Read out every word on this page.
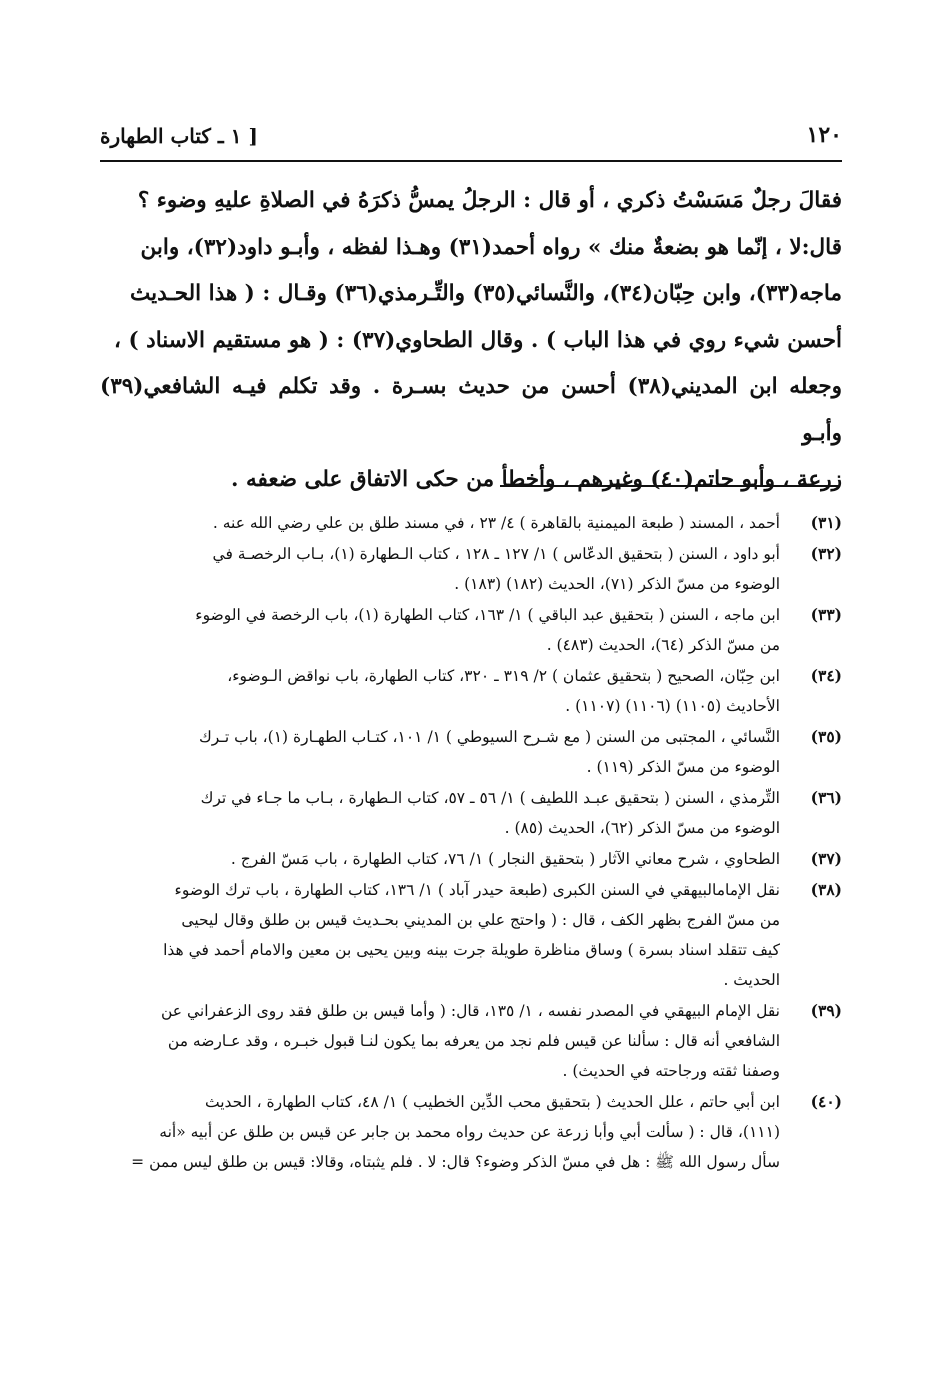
١٢٠
[ ١ ـ كتاب الطهارة

فقالَ رجلٌ مَسَسْتُ ذكري ، أو قال : الرجلُ يمسُّ ذكرَهُ في الصلاةِ عليهِ وضوء ؟

قال:لا ، إنّما هو بضعةٌ منك » رواه أحمد(٣١) وهـذا لفظه ، وأبـو داود(٣٢)، وابن

ماجه(٣٣)، وابن حِبّان(٣٤)، والنَّسائي(٣٥) والتِّـرمذي(٣٦) وقـال : ( هذا الحـديث

أحسن شيء روي في هذا الباب ) . وقال الطحاوي(٣٧) : ( هو مستقيم الاسناد ) ،

وجعله ابن المديني(٣٨) أحسن من حديث بسـرة . وقد تكلم فيـه الشافعي(٣٩) وأبـو

زرعة ، وأبو حاتم(٤٠) وغيرهم ، وأخطأ من حكى الاتفاق على ضعفه .

(٣١)
أحمد ، المسند ( طبعة الميمنية بالقاهرة ) ٤/ ٢٣ ، في مسند طلق بن علي رضي الله عنه .
(٣٢)
أبو داود ، السنن ( بتحقيق الدعّاس ) ١/ ١٢٧ ـ ١٢٨ ، كتاب الـطهارة (١)، بـاب الرخصـة في
الوضوء من مسّ الذكر (٧١)، الحديث (١٨٢) (١٨٣) .
(٣٣)
ابن ماجه ، السنن ( بتحقيق عبد الباقي ) ١/ ١٦٣، كتاب الطهارة (١)، باب الرخصة في الوضوء
من مسّ الذكر (٦٤)، الحديث (٤٨٣) .
(٣٤)
ابن حِبّان، الصحيح ( بتحقيق عثمان ) ٢/ ٣١٩ ـ ٣٢٠، كتاب الطهارة، باب نواقض الـوضوء،
الأحاديث (١١٠٥) (١١٠٦) (١١٠٧) .
(٣٥)
النَّسائي ، المجتبى من السنن ( مع شـرح السيوطي ) ١/ ١٠١، كتـاب الطهـارة (١)، باب تـرك
الوضوء من مسّ الذكر (١١٩) .
(٣٦)
التِّرمذي ، السنن ( بتحقيق عبـد اللطيف ) ١/ ٥٦ ـ ٥٧، كتاب الـطهارة ، بـاب ما جـاء في ترك
الوضوء من مسّ الذكر (٦٢)، الحديث (٨٥) .
(٣٧)
الطحاوي ، شرح معاني الآثار ( بتحقيق النجار ) ١/ ٧٦، كتاب الطهارة ، باب مَسّ الفرج .
(٣٨)
نقل الإمامالبيهقي في السنن الكبرى (طبعة حيدر آباد ) ١/ ١٣٦، كتاب الطهارة ، باب ترك الوضوء
من مسّ الفرج بظهر الكف ، قال : ( واحتج علي بن المديني بحـديث قيس بن طلق وقال ليحيى
كيف تتقلد اسناد بسرة ) وساق مناظرة طويلة جرت بينه وبين يحيى بن معين والامام أحمد في هذا
الحديث .
(٣٩)
نقل الإمام البيهقي في المصدر نفسه ، ١/ ١٣٥، قال: ( وأما قيس بن طلق فقد روى الزعفراني عن
الشافعي أنه قال : سألنا عن قيس فلم نجد من يعرفه بما يكون لنـا قبول خبـره ، وقد عـارضه من
وصفنا ثقته ورجاحته في الحديث) .
(٤٠)
ابن أبي حاتم ، علل الحديث ( بتحقيق محب الدِّين الخطيب ) ١/ ٤٨، كتاب الطهارة ، الحديث
(١١١)، قال : ( سألت أبي وأبا زرعة عن حديث رواه محمد بن جابر عن قيس بن طلق عن أبيه «أنه
سأل رسول الله ﷺ : هل في مسّ الذكر وضوء؟ قال: لا . فلم يثبتاه، وقالا: قيس بن طلق ليس ممن =
